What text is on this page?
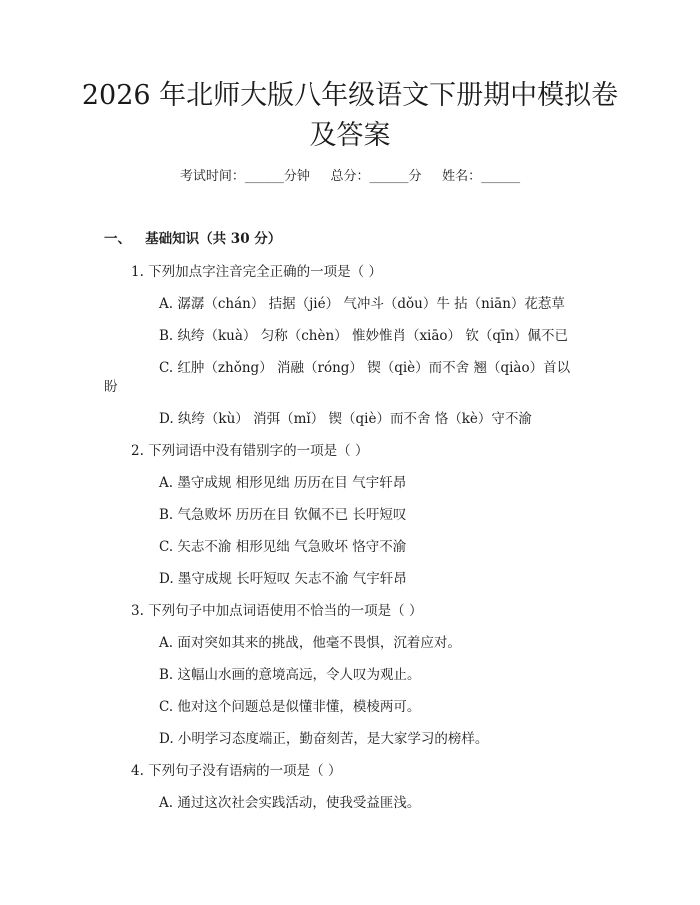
2026 年北师大版八年级语文下册期中模拟卷
及答案
考试时间：______分钟     总分：______分     姓名：______
一、   基础知识（共 30 分）
1. 下列加点字注音完全正确的一项是（ ）
A. 潺潺（chán） 拮据（jié） 气冲斗（dǒu）牛 拈（niān）花惹草
B. 纨绔（kuà） 匀称（chèn） 惟妙惟肖（xiāo） 钦（qīn）佩不已
C. 红肿（zhǒng） 消融（róng） 锲（qiè）而不舍 翘（qiào）首以
盼
D. 纨绔（kù） 消弭（mǐ） 锲（qiè）而不舍 恪（kè）守不渝
2. 下列词语中没有错别字的一项是（ ）
A. 墨守成规 相形见绌 历历在目 气宇轩昂
B. 气急败坏 历历在目 钦佩不已 长吁短叹
C. 矢志不渝 相形见绌 气急败坏 恪守不渝
D. 墨守成规 长吁短叹 矢志不渝 气宇轩昂
3. 下列句子中加点词语使用不恰当的一项是（ ）
A. 面对突如其来的挑战，他毫不畏惧，沉着应对。
B. 这幅山水画的意境高远，令人叹为观止。
C. 他对这个问题总是似懂非懂，模棱两可。
D. 小明学习态度端正，勤奋刻苦，是大家学习的榜样。
4. 下列句子没有语病的一项是（ ）
A. 通过这次社会实践活动，使我受益匪浅。
